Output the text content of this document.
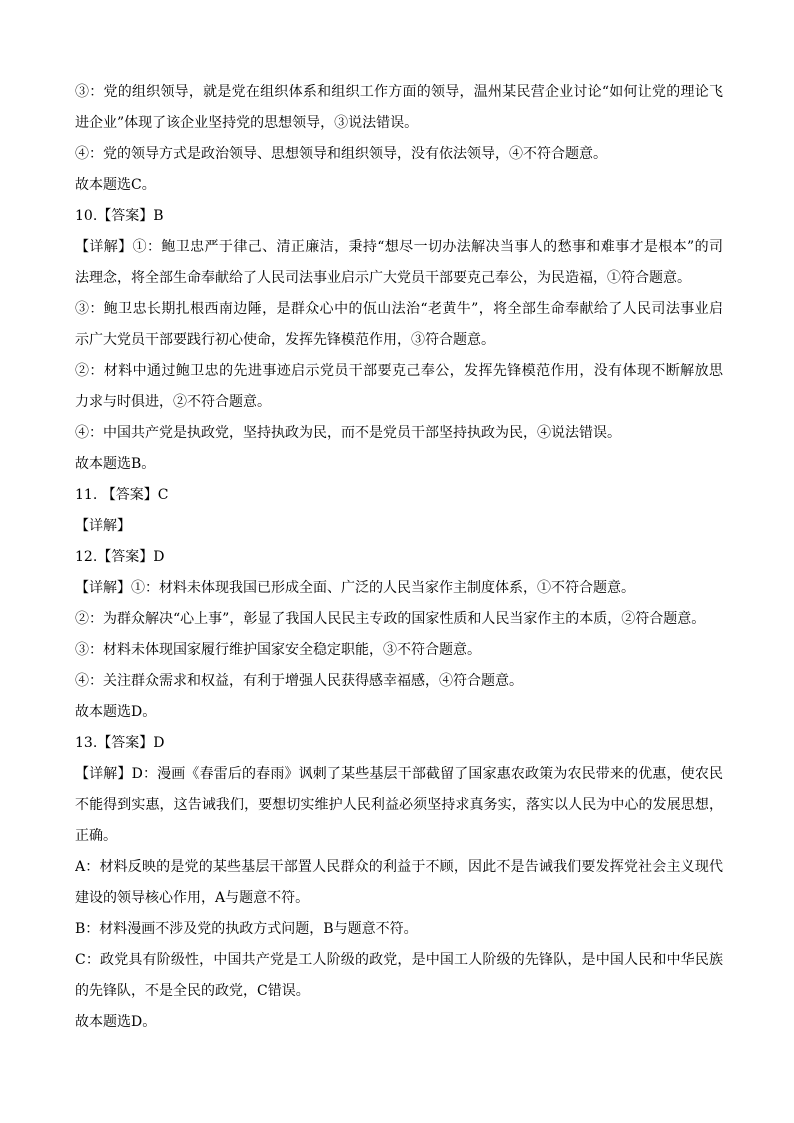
③：党的组织领导，就是党在组织体系和组织工作方面的领导，温州某民营企业讨论“如何让党的理论飞
进企业”体现了该企业坚持党的思想领导，③说法错误。
④：党的领导方式是政治领导、思想领导和组织领导，没有依法领导，④不符合题意。
故本题选C。
10.【答案】B
【详解】①：鲍卫忠严于律己、清正廉洁，秉持“想尽一切办法解决当事人的愁事和难事才是根本”的司
法理念，将全部生命奉献给了人民司法事业启示广大党员干部要克己奉公，为民造福，①符合题意。
③：鲍卫忠长期扎根西南边陲，是群众心中的佤山法治“老黄牛”，将全部生命奉献给了人民司法事业启
示广大党员干部要践行初心使命，发挥先锋模范作用，③符合题意。
②：材料中通过鲍卫忠的先进事迹启示党员干部要克己奉公，发挥先锋模范作用，没有体现不断解放思
力求与时俱进，②不符合题意。
④：中国共产党是执政党，坚持执政为民，而不是党员干部坚持执政为民，④说法错误。
故本题选B。
11. 【答案】C
【详解】
12.【答案】D
【详解】①：材料未体现我国已形成全面、广泛的人民当家作主制度体系，①不符合题意。
②：为群众解决“心上事”，彰显了我国人民民主专政的国家性质和人民当家作主的本质，②符合题意。
③：材料未体现国家履行维护国家安全稳定职能，③不符合题意。
④：关注群众需求和权益，有利于增强人民获得感幸福感，④符合题意。
故本题选D。
13.【答案】D
【详解】D：漫画《春雷后的春雨》讽刺了某些基层干部截留了国家惠农政策为农民带来的优惠，使农民
不能得到实惠，这告诫我们，要想切实维护人民利益必须坚持求真务实，落实以人民为中心的发展思想，
正确。
A：材料反映的是党的某些基层干部置人民群众的利益于不顾，因此不是告诫我们要发挥党社会主义现代
建设的领导核心作用，A与题意不符。
B：材料漫画不涉及党的执政方式问题，B与题意不符。
C：政党具有阶级性，中国共产党是工人阶级的政党，是中国工人阶级的先锋队，是中国人民和中华民族
的先锋队，不是全民的政党，C错误。
故本题选D。
